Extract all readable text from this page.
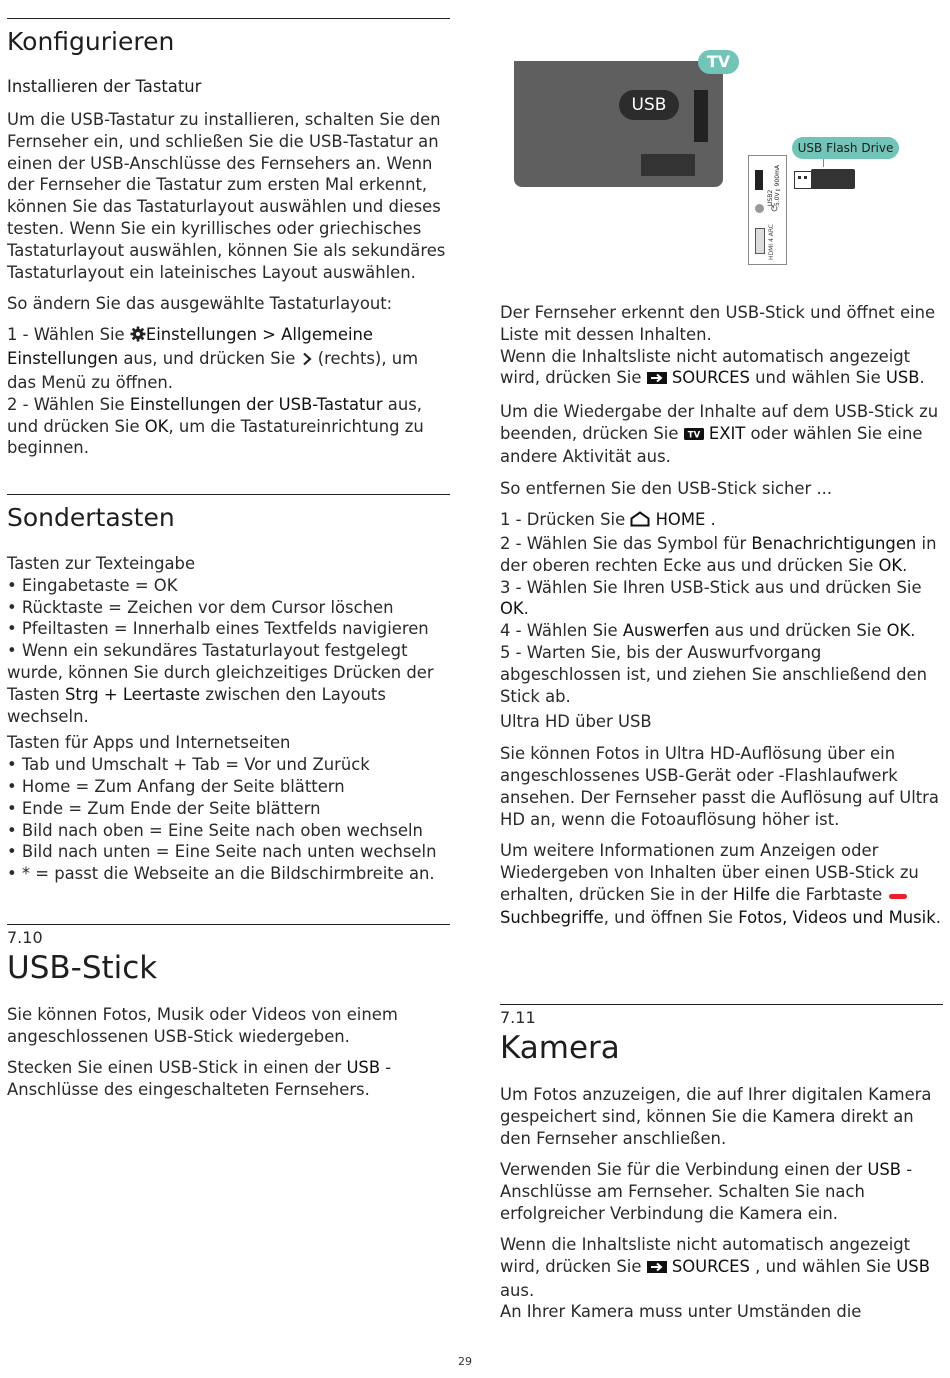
Konfigurieren
Installieren der Tastatur

Um die USB-Tastatur zu installieren, schalten Sie den Fernseher ein, und schließen Sie die USB-Tastatur an einen der USB-Anschlüsse des Fernsehers an. Wenn der Fernseher die Tastatur zum ersten Mal erkennt, können Sie das Tastaturlayout auswählen und dieses testen. Wenn Sie ein kyrillisches oder griechisches Tastaturlayout auswählen, können Sie als sekundäres Tastaturlayout ein lateinisches Layout auswählen.

So ändern Sie das ausgewählte Tastaturlayout:

1 - Wählen Sie Einstellungen > Allgemeine Einstellungen aus, und drücken Sie  (rechts), um das Menü zu öffnen.
2 - Wählen Sie Einstellungen der USB-Tastatur aus, und drücken Sie OK, um die Tastatureinrichtung zu beginnen.

Sondertasten
Tasten zur Texteingabe
• Eingabetaste = OK
• Rücktaste = Zeichen vor dem Cursor löschen
• Pfeiltasten = Innerhalb eines Textfelds navigieren
• Wenn ein sekundäres Tastaturlayout festgelegt wurde, können Sie durch gleichzeitiges Drücken der Tasten Strg + Leertaste zwischen den Layouts wechseln.
Tasten für Apps und Internetseiten
• Tab und Umschalt + Tab = Vor und Zurück
• Home = Zum Anfang der Seite blättern
• Ende = Zum Ende der Seite blättern
• Bild nach oben = Eine Seite nach oben wechseln
• Bild nach unten = Eine Seite nach unten wechseln
• * = passt die Webseite an die Bildschirmbreite an.
7.10
USB-Stick

Sie können Fotos, Musik oder Videos von einem angeschlossenen USB-Stick wiedergeben.

Stecken Sie einen USB-Stick in einen der USB -Anschlüsse des eingeschalteten Fernsehers.

TV
USB
USB2 5.0V⎓900mA
↻
HDMI 4 ARC
USB Flash Drive
Der Fernseher erkennt den USB-Stick und öffnet eine Liste mit dessen Inhalten.

Wenn die Inhaltsliste nicht automatisch angezeigt wird, drücken Sie  SOURCES und wählen Sie USB.

Um die Wiedergabe der Inhalte auf dem USB-Stick zu beenden, drücken Sie TV EXIT oder wählen Sie eine andere Aktivität aus.

So entfernen Sie den USB-Stick sicher ...

1 - Drücken Sie  HOME .
2 - Wählen Sie das Symbol für Benachrichtigungen in der oberen rechten Ecke aus und drücken Sie OK.
3 - Wählen Sie Ihren USB-Stick aus und drücken Sie OK.
4 - Wählen Sie Auswerfen aus und drücken Sie OK.
5 - Warten Sie, bis der Auswurfvorgang abgeschlossen ist, und ziehen Sie anschließend den Stick ab.
Ultra HD über USB

Sie können Fotos in Ultra HD-Auflösung über ein angeschlossenes USB-Gerät oder -Flashlaufwerk ansehen. Der Fernseher passt die Auflösung auf Ultra HD an, wenn die Fotoauflösung höher ist.

Um weitere Informationen zum Anzeigen oder Wiedergeben von Inhalten über einen USB-Stick zu erhalten, drücken Sie in der Hilfe die Farbtaste  Suchbegriffe, und öffnen Sie Fotos, Videos und Musik.

7.11
Kamera

Um Fotos anzuzeigen, die auf Ihrer digitalen Kamera gespeichert sind, können Sie die Kamera direkt an den Fernseher anschließen.

Verwenden Sie für die Verbindung einen der USB -Anschlüsse am Fernseher. Schalten Sie nach erfolgreicher Verbindung die Kamera ein.

Wenn die Inhaltsliste nicht automatisch angezeigt wird, drücken Sie  SOURCES , und wählen Sie USB aus.
An Ihrer Kamera muss unter Umständen die
29
